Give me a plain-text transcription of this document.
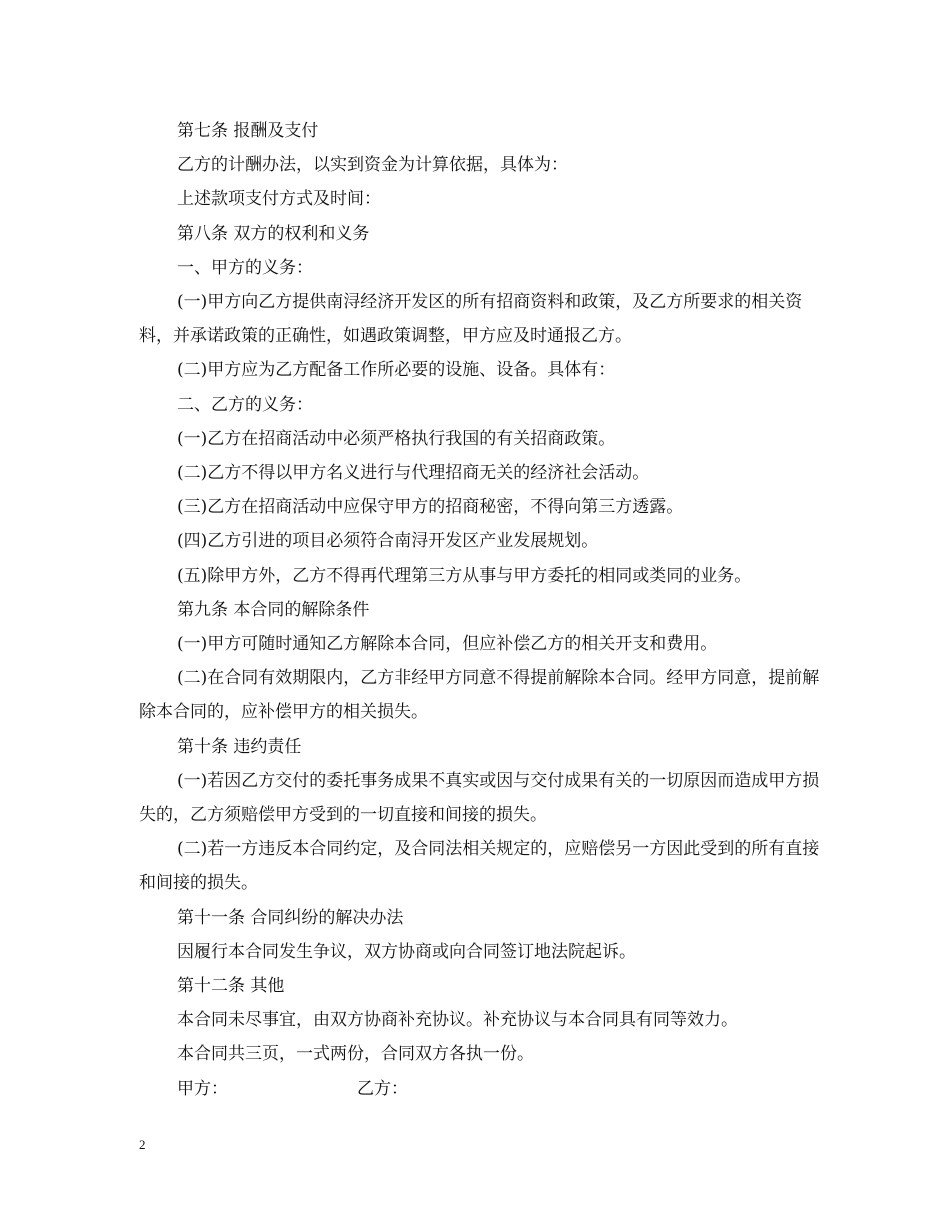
第七条 报酬及支付

乙方的计酬办法，以实到资金为计算依据，具体为：

上述款项支付方式及时间：

第八条 双方的权利和义务

一、甲方的义务：

(一)甲方向乙方提供南浔经济开发区的所有招商资料和政策，及乙方所要求的相关资料，并承诺政策的正确性，如遇政策调整，甲方应及时通报乙方。

(二)甲方应为乙方配备工作所必要的设施、设备。具体有：

二、乙方的义务：

(一)乙方在招商活动中必须严格执行我国的有关招商政策。

(二)乙方不得以甲方名义进行与代理招商无关的经济社会活动。

(三)乙方在招商活动中应保守甲方的招商秘密，不得向第三方透露。

(四)乙方引进的项目必须符合南浔开发区产业发展规划。

(五)除甲方外，乙方不得再代理第三方从事与甲方委托的相同或类同的业务。

第九条 本合同的解除条件

(一)甲方可随时通知乙方解除本合同，但应补偿乙方的相关开支和费用。

(二)在合同有效期限内，乙方非经甲方同意不得提前解除本合同。经甲方同意，提前解除本合同的，应补偿甲方的相关损失。

第十条 违约责任

(一)若因乙方交付的委托事务成果不真实或因与交付成果有关的一切原因而造成甲方损失的，乙方须赔偿甲方受到的一切直接和间接的损失。

(二)若一方违反本合同约定，及合同法相关规定的，应赔偿另一方因此受到的所有直接和间接的损失。

第十一条 合同纠纷的解决办法

因履行本合同发生争议，双方协商或向合同签订地法院起诉。

第十二条 其他

本合同未尽事宜，由双方协商补充协议。补充协议与本合同具有同等效力。

本合同共三页，一式两份，合同双方各执一份。

甲方：	乙方：
2
